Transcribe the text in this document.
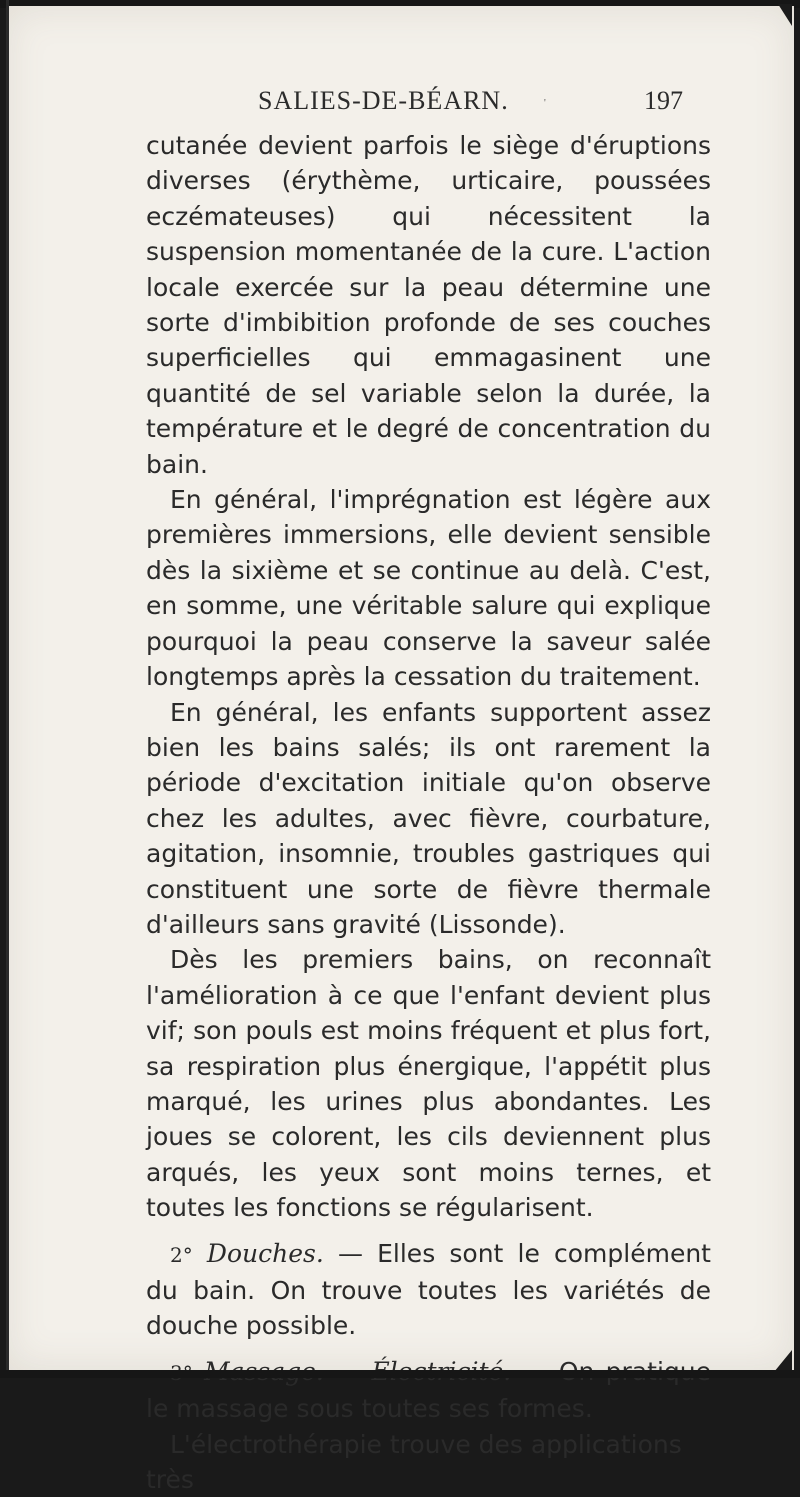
SALIES-DE-BÉARN.	'	197

cutanée devient parfois le siège d'éruptions diverses (érythème, urticaire, poussées eczémateuses) qui nécessitent la suspension momentanée de la cure. L'action locale exercée sur la peau détermine une sorte d'imbibition profonde de ses couches superficielles qui emmagasinent une quantité de sel variable selon la durée, la température et le degré de concentration du bain.

En général, l'imprégnation est légère aux premières immersions, elle devient sensible dès la sixième et se continue au delà. C'est, en somme, une véritable salure qui explique pourquoi la peau conserve la saveur salée longtemps après la cessation du traitement.

En général, les enfants supportent assez bien les bains salés; ils ont rarement la période d'excitation initiale qu'on observe chez les adultes, avec fièvre, courbature, agitation, insomnie, troubles gastriques qui constituent une sorte de fièvre thermale d'ailleurs sans gravité (Lissonde).

Dès les premiers bains, on reconnaît l'amélioration à ce que l'enfant devient plus vif; son pouls est moins fréquent et plus fort, sa respiration plus énergique, l'appétit plus marqué, les urines plus abondantes. Les joues se colorent, les cils deviennent plus arqués, les yeux sont moins ternes, et toutes les fonctions se régularisent.

2° Douches. — Elles sont le complément du bain. On trouve toutes les variétés de douche possible.

le massage sous toutes ses formes.

L'électrothérapie trouve des applications très
